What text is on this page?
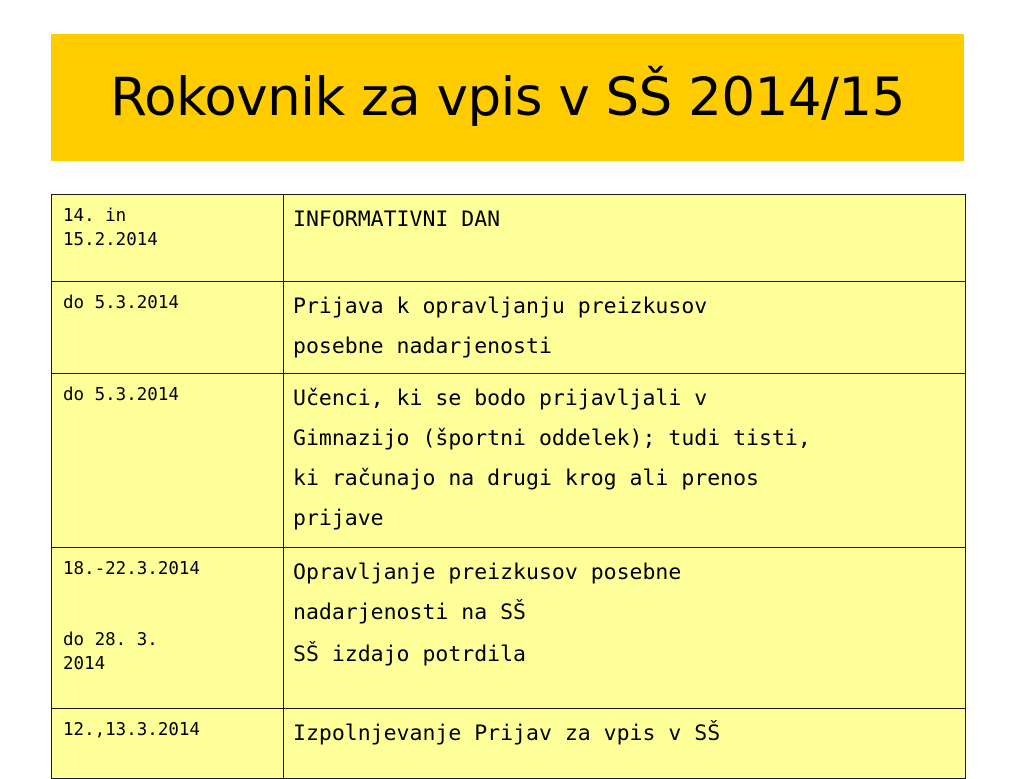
Rokovnik za vpis v SŠ 2014/15
14. in
15.2.2014	INFORMATIVNI DAN

do 5.3.2014	Prijava k opravljanju preizkusov
posebne nadarjenosti

do 5.3.2014	Učenci, ki se bodo prijavljali v
Gimnazijo (športni oddelek); tudi tisti,
ki računajo na drugi krog ali prenos
prijave

18.-22.3.2014
do 28. 3.
2014	Opravljanje preizkusov posebne
nadarjenosti na SŠ
SŠ izdajo potrdila

12.,13.3.2014	Izpolnjevanje Prijav za vpis v SŠ
